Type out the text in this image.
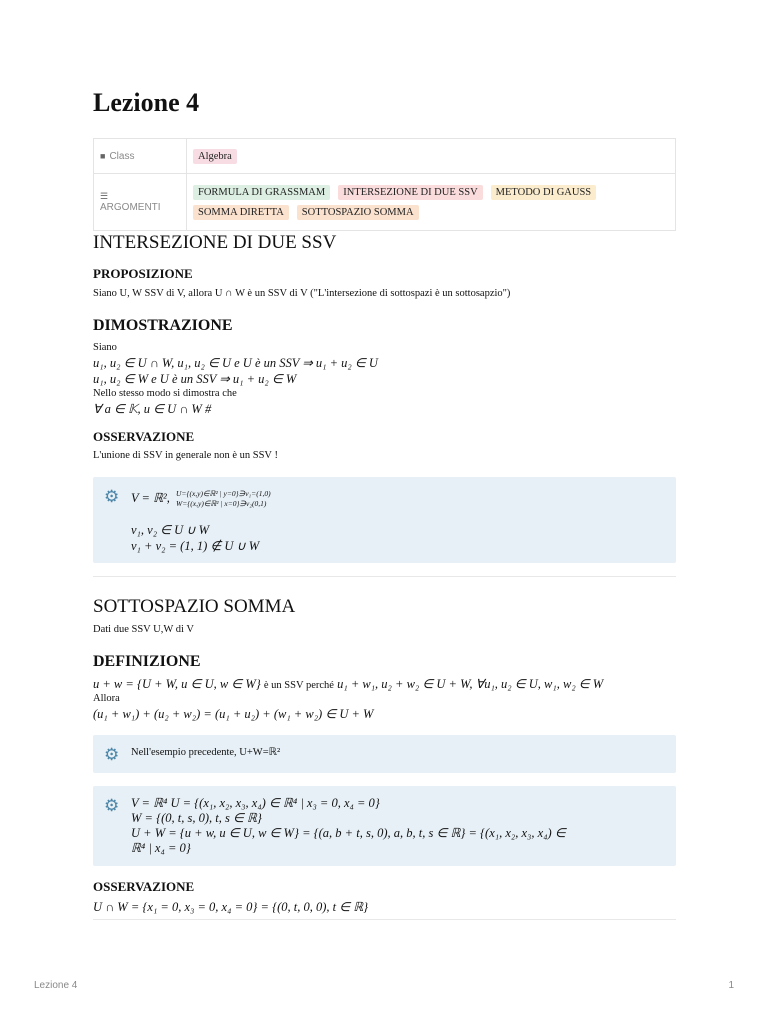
Lezione 4
■ Class	Algebra
☰
ARGOMENTI	FORMULA DI GRASSMAM INTERSEZIONE DI DUE SSV METODO DI GAUSS
SOMMA DIRETTA SOTTOSPAZIO SOMMA
INTERSEZIONE DI DUE SSV
PROPOSIZIONE
Siano U, W SSV di V, allora U ∩ W è un SSV di V ("L'intersezione di sottospazi è un sottosapzio")
DIMOSTRAZIONE
Siano
u₁, u₂ ∈ U ∩ W, u₁, u₂ ∈ U e U è un SSV ⇒ u₁ + u₂ ∈ U
u₁, u₂ ∈ W e U è un SSV ⇒ u₁ + u₂ ∈ W
Nello stesso modo si dimostra che
∀ a ∈ 𝕂, u ∈ U ∩ W #
OSSERVAZIONE
L'unione di SSV in generale non è un SSV !
⚙ V = ℝ², U={(x,y)∈ℝ² | y=0}∋v₁=(1,0)
W={(x,y)∈ℝ² | x=0}∋v₂(0,1)
v₁, v₂ ∈ U ∪ W
v₁ + v₂ = (1, 1) ∉ U ∪ W
SOTTOSPAZIO SOMMA
Dati due SSV U,W di V
DEFINIZIONE
u + w = {U + W, u ∈ U, w ∈ W} è un SSV perché u₁ + w₁, u₂ + w₂ ∈ U + W, ∀u₁, u₂ ∈ U, w₁, w₂ ∈ W
Allora
(u₁ + w₁) + (u₂ + w₂) = (u₁ + u₂) + (w₁ + w₂) ∈ U + W
⚙ Nell'esempio precedente, U+W=ℝ²
⚙ V = ℝ⁴ U = {(x₁, x₂, x₃, x₄) ∈ ℝ⁴ | x₃ = 0, x₄ = 0}
W = {(0, t, s, 0), t, s ∈ ℝ}
U + W = {u + w, u ∈ U, w ∈ W} = {(a, b + t, s, 0), a, b, t, s ∈ ℝ} = {(x₁, x₂, x₃, x₄) ∈
ℝ⁴ | x₄ = 0}
OSSERVAZIONE
U ∩ W = {x₁ = 0, x₃ = 0, x₄ = 0} = {(0, t, 0, 0), t ∈ ℝ}
Lezione 4	1
